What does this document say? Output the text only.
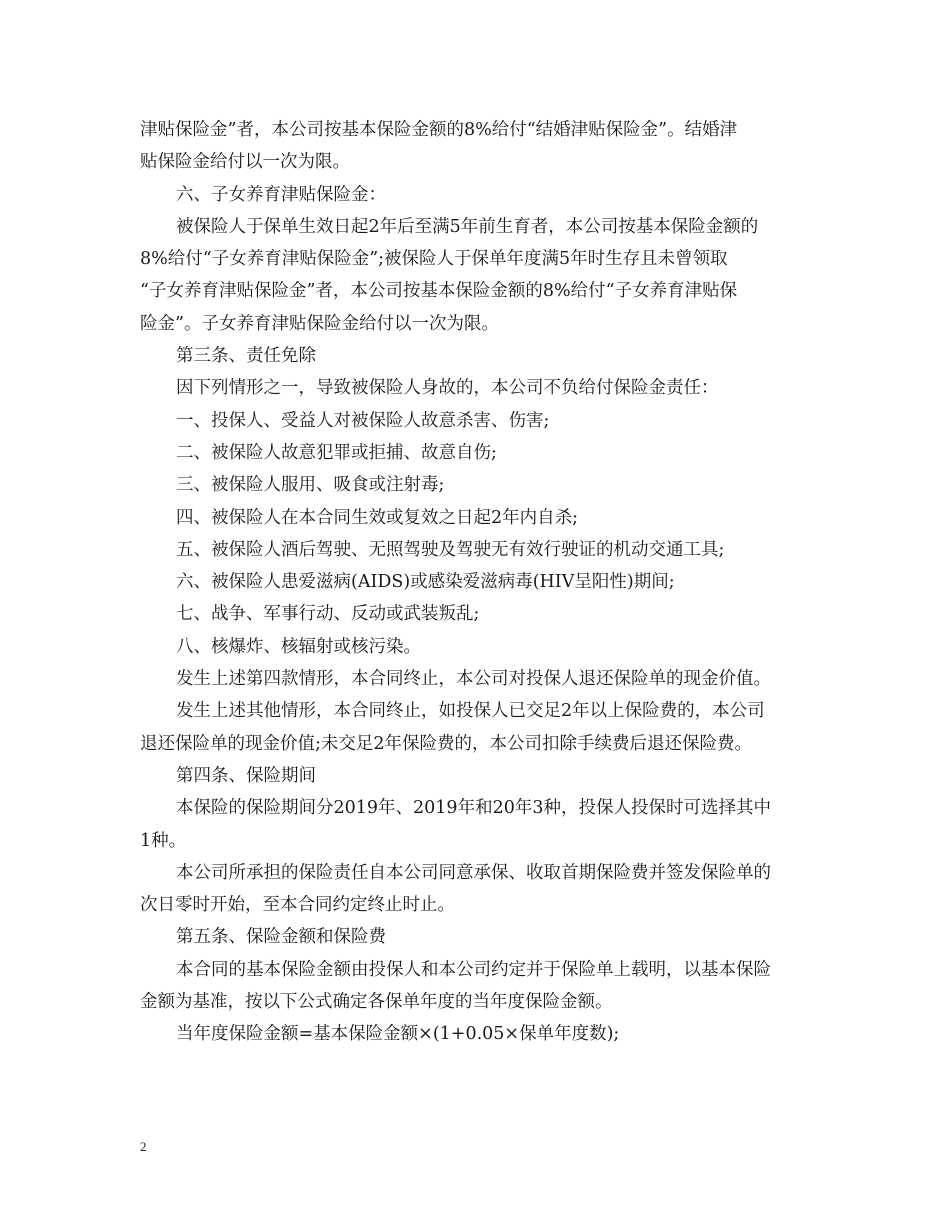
津贴保险金”者，本公司按基本保险金额的8%给付“结婚津贴保险金”。结婚津
贴保险金给付以一次为限。
六、子女养育津贴保险金：
被保险人于保单生效日起2年后至满5年前生育者，本公司按基本保险金额的
8%给付“子女养育津贴保险金”;被保险人于保单年度满5年时生存且未曾领取
“子女养育津贴保险金”者，本公司按基本保险金额的8%给付“子女养育津贴保
险金”。子女养育津贴保险金给付以一次为限。
第三条、责任免除
因下列情形之一，导致被保险人身故的，本公司不负给付保险金责任：
一、投保人、受益人对被保险人故意杀害、伤害;
二、被保险人故意犯罪或拒捕、故意自伤;
三、被保险人服用、吸食或注射毒;
四、被保险人在本合同生效或复效之日起2年内自杀;
五、被保险人酒后驾驶、无照驾驶及驾驶无有效行驶证的机动交通工具;
六、被保险人患爱滋病(AIDS)或感染爱滋病毒(HIV呈阳性)期间;
七、战争、军事行动、反动或武装叛乱;
八、核爆炸、核辐射或核污染。
发生上述第四款情形，本合同终止，本公司对投保人退还保险单的现金价值。
发生上述其他情形，本合同终止，如投保人已交足2年以上保险费的，本公司
退还保险单的现金价值;未交足2年保险费的，本公司扣除手续费后退还保险费。
第四条、保险期间
本保险的保险期间分2019年、2019年和20年3种，投保人投保时可选择其中
1种。
本公司所承担的保险责任自本公司同意承保、收取首期保险费并签发保险单的
次日零时开始，至本合同约定终止时止。
第五条、保险金额和保险费
本合同的基本保险金额由投保人和本公司约定并于保险单上载明，以基本保险
金额为基准，按以下公式确定各保单年度的当年度保险金额。
当年度保险金额=基本保险金额×(1+0.05×保单年度数);
2
